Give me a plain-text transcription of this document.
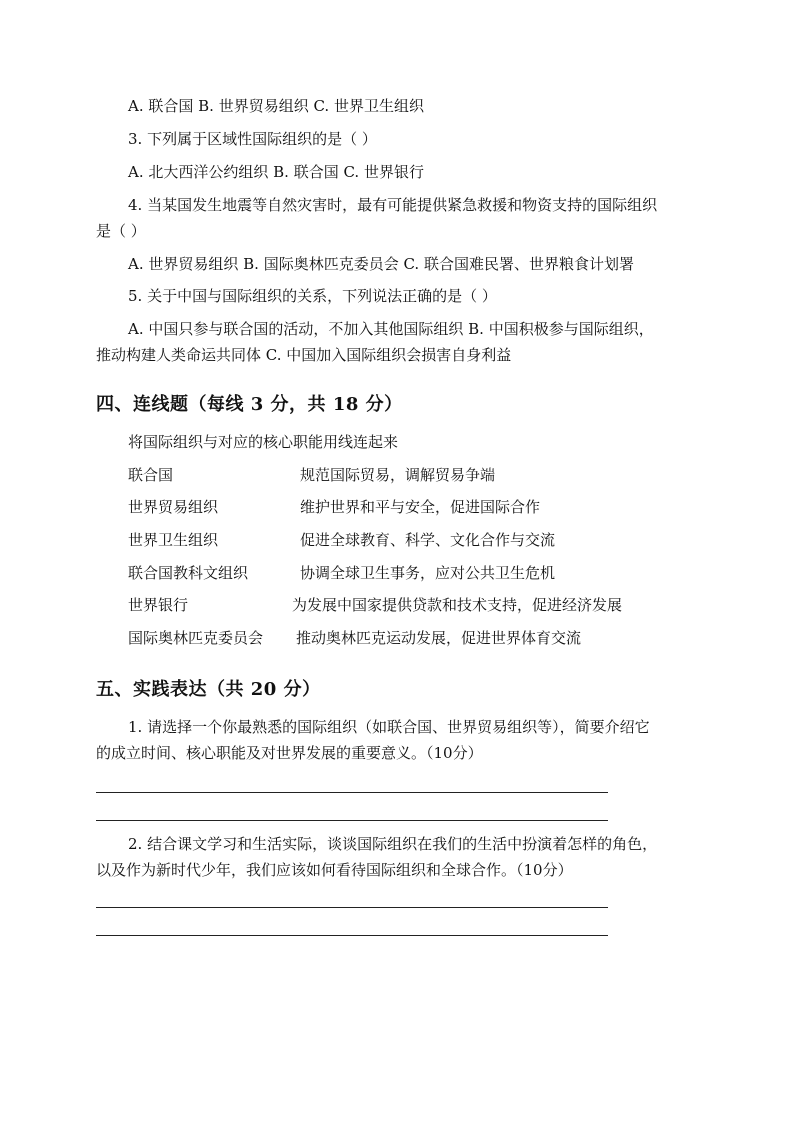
A. 联合国 B. 世界贸易组织 C. 世界卫生组织
3. 下列属于区域性国际组织的是（ ）
A. 北大西洋公约组织 B. 联合国 C. 世界银行
4. 当某国发生地震等自然灾害时，最有可能提供紧急救援和物资支持的国际组织
是（ ）
A. 世界贸易组织 B. 国际奥林匹克委员会 C. 联合国难民署、世界粮食计划署
5. 关于中国与国际组织的关系，下列说法正确的是（ ）
A. 中国只参与联合国的活动，不加入其他国际组织 B. 中国积极参与国际组织，
推动构建人类命运共同体 C. 中国加入国际组织会损害自身利益
四、连线题（每线 3 分，共 18 分）
将国际组织与对应的核心职能用线连起来
联合国	规范国际贸易，调解贸易争端
世界贸易组织	维护世界和平与安全，促进国际合作
世界卫生组织	促进全球教育、科学、文化合作与交流
联合国教科文组织	协调全球卫生事务，应对公共卫生危机
世界银行	为发展中国家提供贷款和技术支持，促进经济发展
国际奥林匹克委员会 推动奥林匹克运动发展，促进世界体育交流
五、实践表达（共 20 分）
1. 请选择一个你最熟悉的国际组织（如联合国、世界贸易组织等），简要介绍它
的成立时间、核心职能及对世界发展的重要意义。（10分）
2. 结合课文学习和生活实际，谈谈国际组织在我们的生活中扮演着怎样的角色，
以及作为新时代少年，我们应该如何看待国际组织和全球合作。（10分）
